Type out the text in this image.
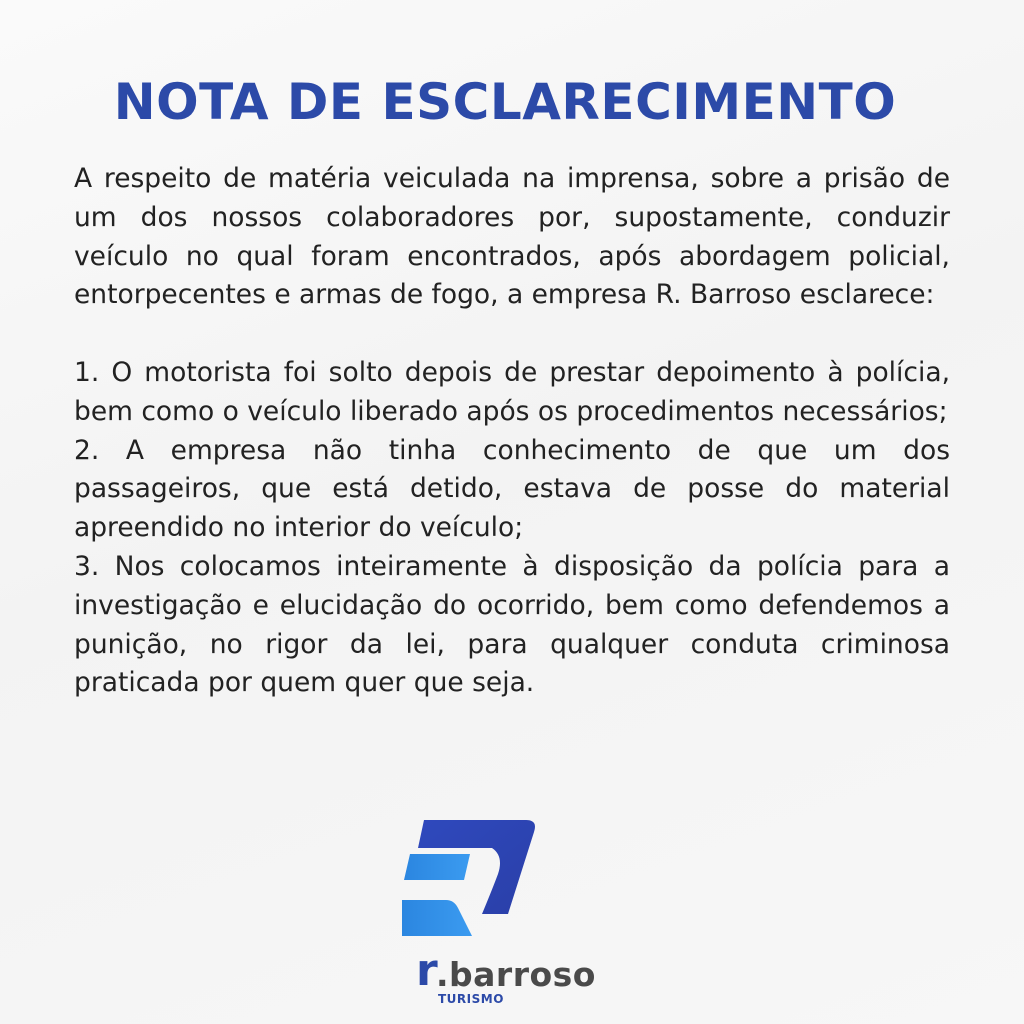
NOTA DE ESCLARECIMENTO

A respeito de matéria veiculada na imprensa, sobre a prisão de um dos nossos colaboradores por, supostamente, conduzir veículo no qual foram encontrados, após abordagem policial, entorpecentes e armas de fogo, a empresa R. Barroso esclarece:

1. O motorista foi solto depois de prestar depoimento à polícia, bem como o veículo liberado após os procedimentos necessários;

2. A empresa não tinha conhecimento de que um dos passageiros, que está detido, estava de posse do material apreendido no interior do veículo;

3. Nos colocamos inteiramente à disposição da polícia para a investigação e elucidação do ocorrido, bem como defendemos a punição, no rigor da lei, para qualquer conduta criminosa praticada por quem quer que seja.

r
.barroso
TURISMO
